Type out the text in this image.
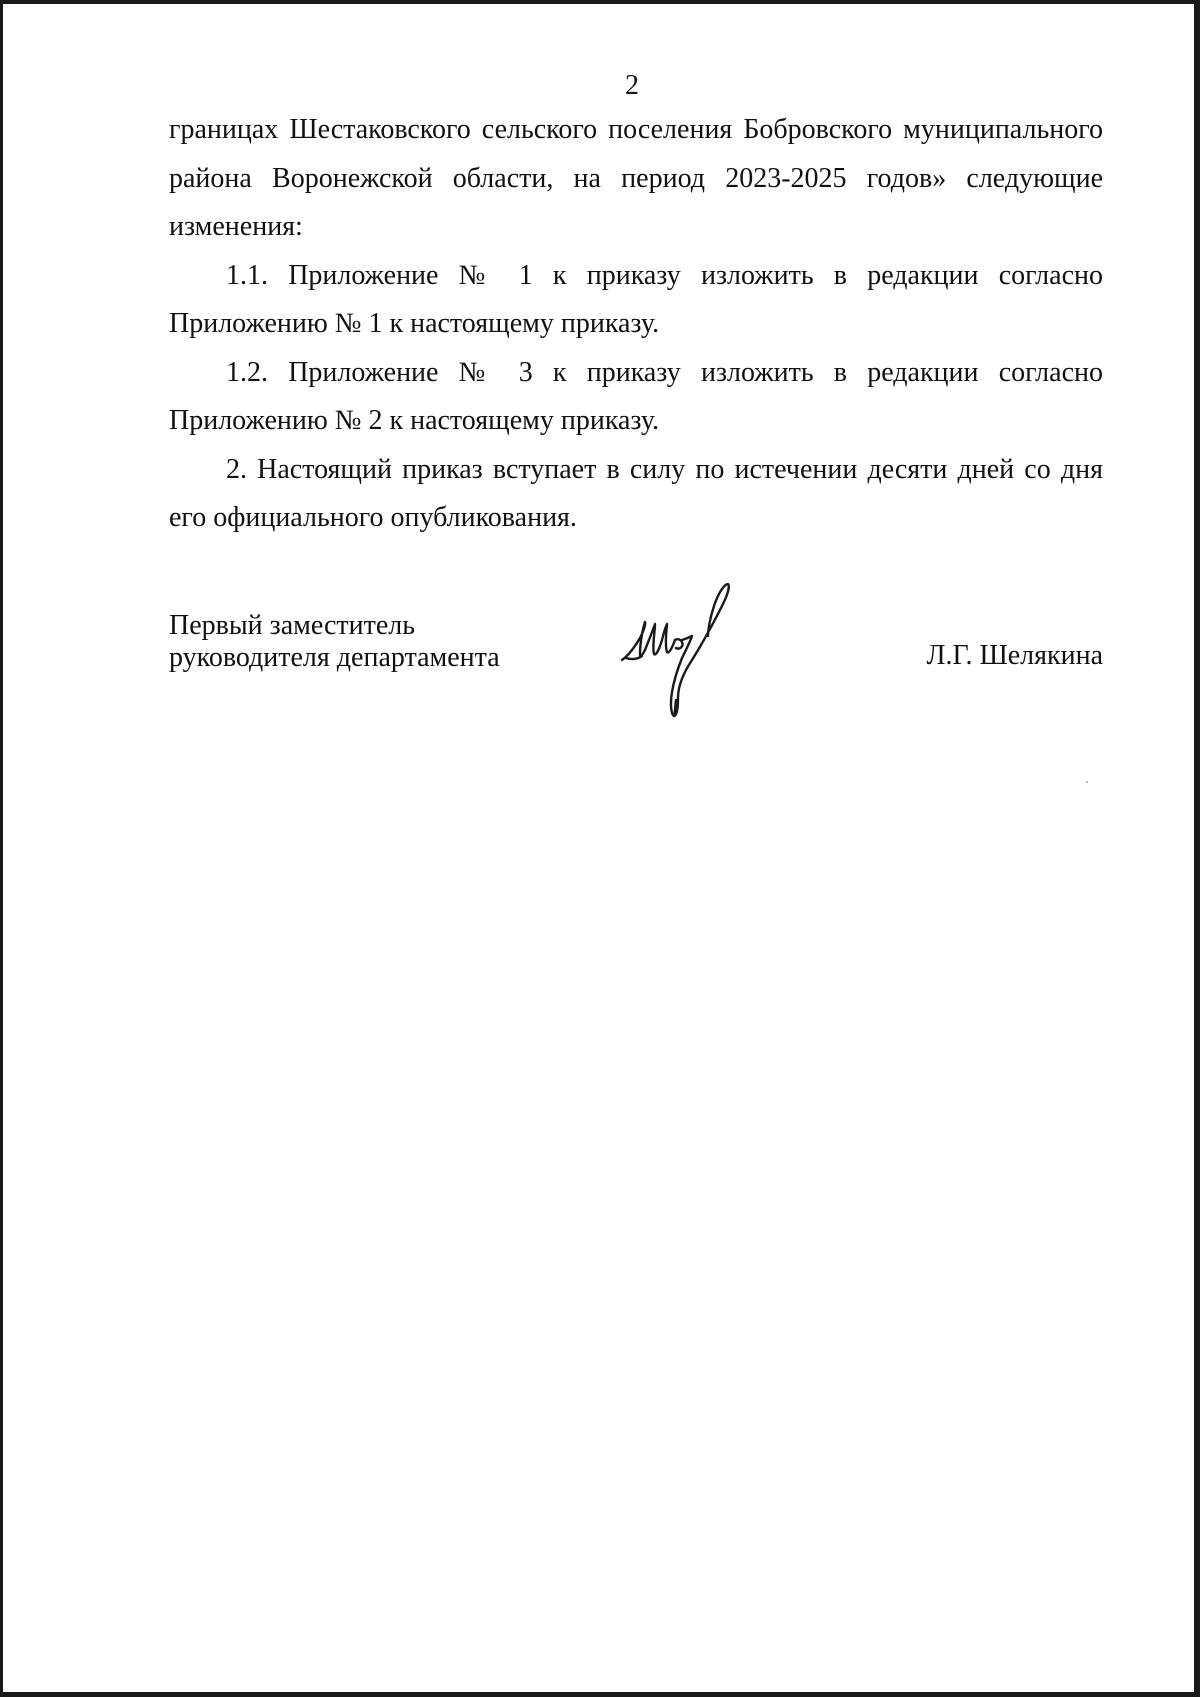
2

границах Шестаковского сельского поселения Бобровского муниципального района Воронежской области, на период 2023-2025 годов» следующие изменения:

1.1. Приложение № 1 к приказу изложить в редакции согласно Приложению № 1 к настоящему приказу.

1.2. Приложение № 3 к приказу изложить в редакции согласно Приложению № 2 к настоящему приказу.

2. Настоящий приказ вступает в силу по истечении десяти дней со дня его официального опубликования.

Первый заместитель
руководителя департамента	Л.Г. Шелякина
